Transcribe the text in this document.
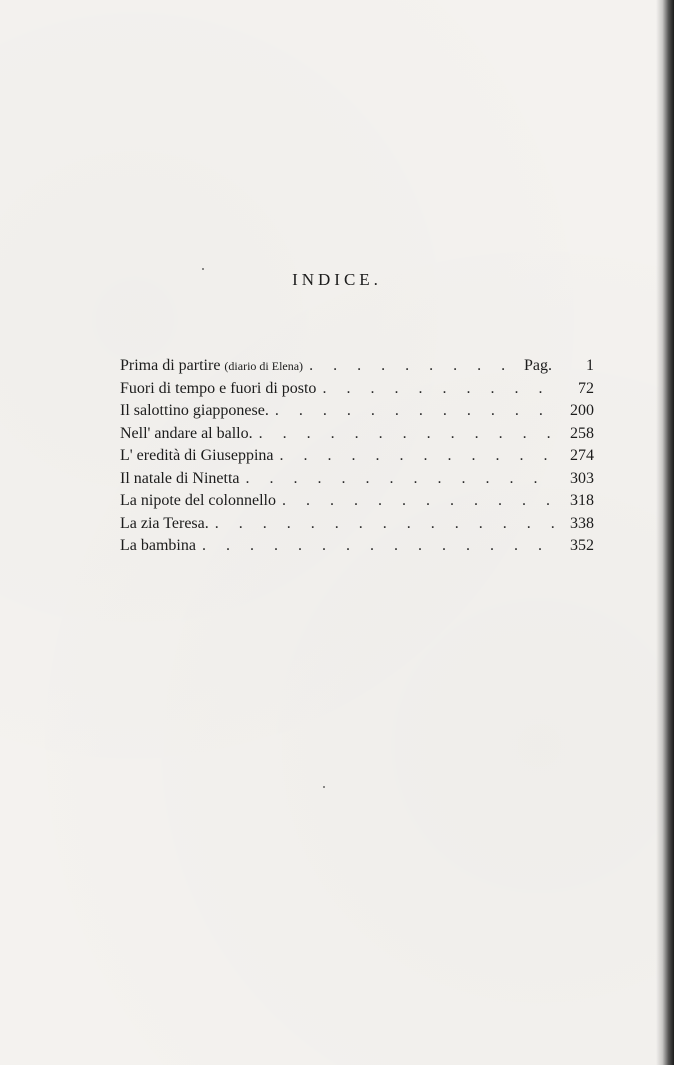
INDICE.
Prima di partire (diario di Elena) . . .	Pag.	1
Fuori di tempo e fuori di posto . . .	72
Il salottino giapponese. . . .	200
Nell' andare al ballo. . . .	258
L' eredità di Giuseppina . . .	274
Il natale di Ninetta . . .	303
La nipote del colonnello . . .	318
La zia Teresa. . . .	338
La bambina . . .	352
